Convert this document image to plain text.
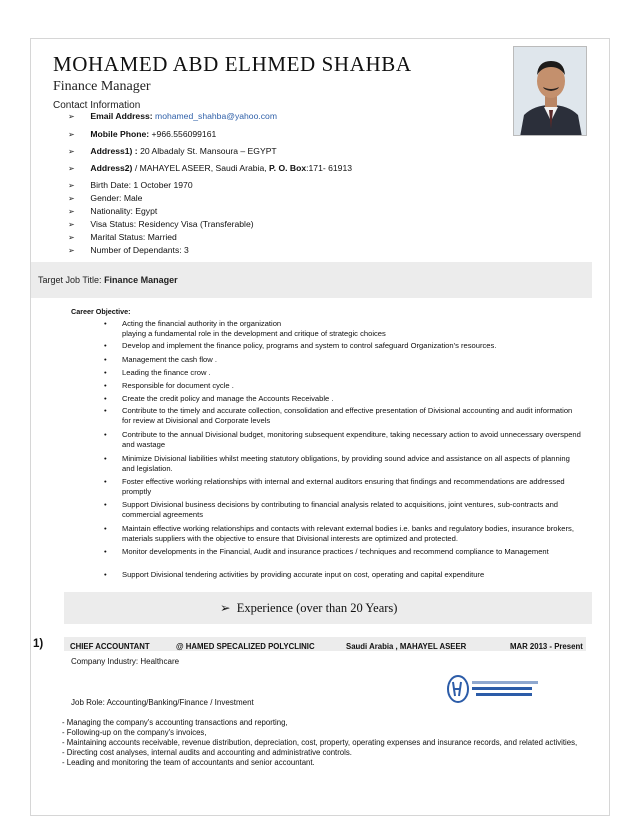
MOHAMED ABD ELHMED SHAHBA
Finance Manager
Contact Information
➢ Email Address: mohamed_shahba@yahoo.com
➢ Mobile Phone: +966.556099161
➢ Address1) : 20 Albadaly St. Mansoura – EGYPT
➢ Address2) / MAHAYEL ASEER, Saudi Arabia, P. O. Box:171- 61913
➢ Birth Date: 1 October 1970
➢ Gender: Male
➢ Nationality: Egypt
➢ Visa Status: Residency Visa (Transferable)
➢ Marital Status: Married
➢ Number of Dependants: 3
Target Job Title: Finance Manager
Career Objective:
• Acting the financial authority in the organization
playing a fundamental role in the development and critique of strategic choices
• Develop and implement the finance policy, programs and system to control safeguard Organization's resources.
• Management the cash flow .
• Leading the finance crow .
• Responsible for document cycle .
• Create the credit policy and manage the Accounts Receivable .
• Contribute to the timely and accurate collection, consolidation and effective presentation of Divisional accounting and audit information for review at Divisional and Corporate levels
• Contribute to the annual Divisional budget, monitoring subsequent expenditure, taking necessary action to avoid unnecessary overspend and wastage
• Minimize Divisional liabilities whilst meeting statutory obligations, by providing sound advice and assistance on all aspects of planning and legislation.
• Foster effective working relationships with internal and external auditors ensuring that findings and recommendations are addressed promptly
• Support Divisional business decisions by contributing to financial analysis related to acquisitions, joint ventures, sub-contracts and commercial agreements
• Maintain effective working relationships and contacts with relevant external bodies i.e. banks and regulatory bodies, insurance brokers, materials suppliers with the objective to ensure that Divisional interests are optimized and protected.
• Monitor developments in the Financial, Audit and insurance practices / techniques and recommend compliance to Management
• Support Divisional tendering activities by providing accurate input on cost, operating and capital expenditure
➢ Experience (over than 20 Years)
1)	CHIEF ACCOUNTANT	@ HAMED SPECALIZED POLYCLINIC	Saudi Arabia , MAHAYEL ASEER	MAR 2013 - Present
Company Industry: Healthcare
Job Role: Accounting/Banking/Finance / Investment
- Managing the company's accounting transactions and reporting,
- Following-up on the company's invoices,
- Maintaining accounts receivable, revenue distribution, depreciation, cost, property, operating expenses and insurance records, and related activities,
- Directing cost analyses, internal audits and accounting and administrative controls.
- Leading and monitoring the team of accountants and senior accountant.
